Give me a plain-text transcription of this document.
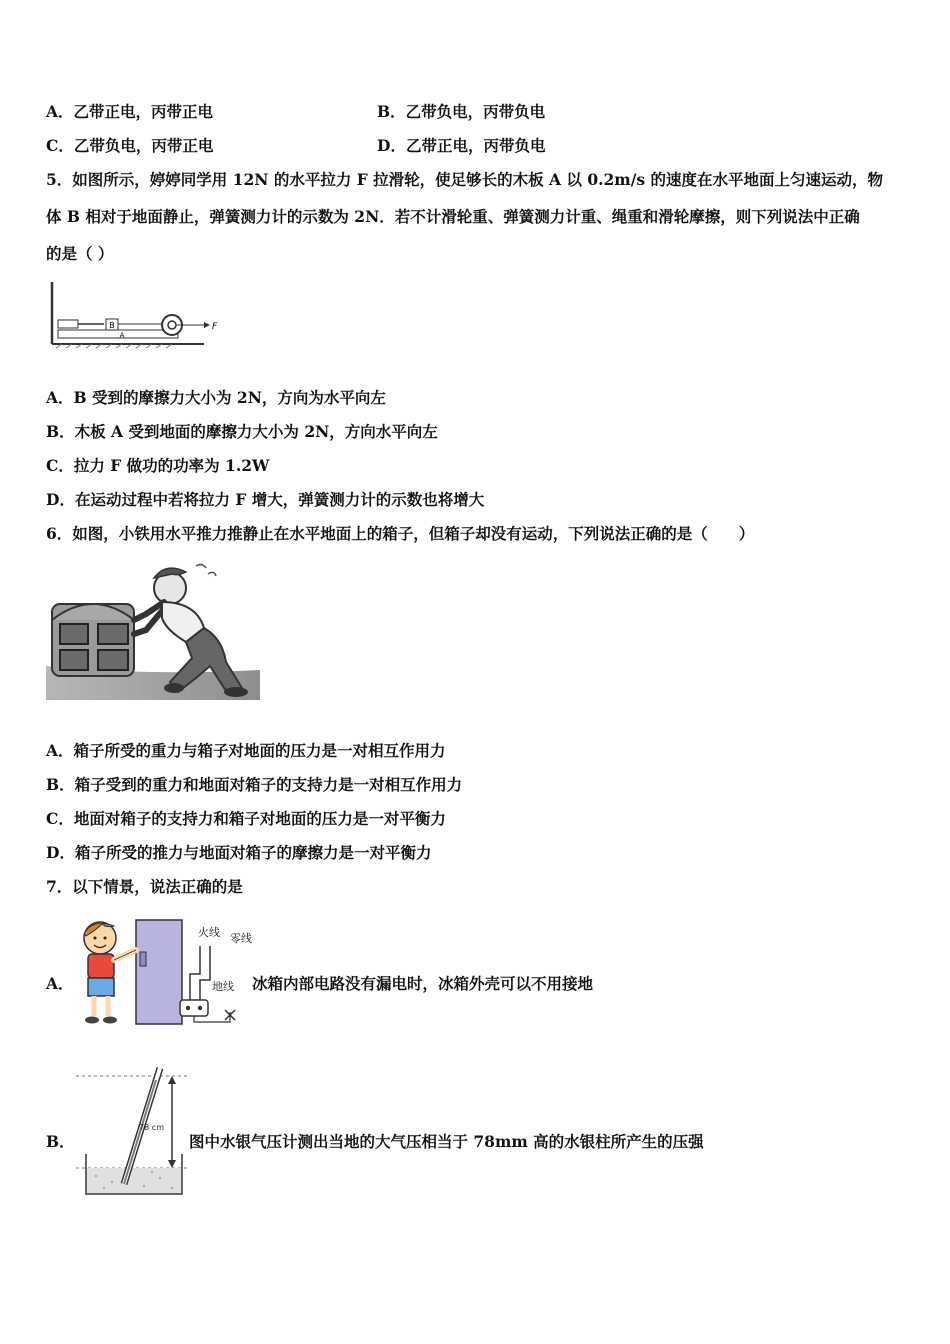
A．乙带正电，丙带正电	B．乙带负电，丙带负电
C．乙带负电，丙带正电	D．乙带正电，丙带负电
5．如图所示，婷婷同学用 12N 的水平拉力 F 拉滑轮，使足够长的木板 A 以 0.2m/s 的速度在水平地面上匀速运动，物
体 B 相对于地面静止，弹簧测力计的示数为 2N．若不计滑轮重、弹簧测力计重、绳重和滑轮摩擦，则下列说法中正确
的是（ ）
B
A
F
A．B 受到的摩擦力大小为 2N，方向为水平向左
B．木板 A 受到地面的摩擦力大小为 2N，方向水平向左
C．拉力 F 做功的功率为 1.2W
D．在运动过程中若将拉力 F 增大，弹簧测力计的示数也将增大
6．如图，小铁用水平推力推静止在水平地面上的箱子，但箱子却没有运动，下列说法正确的是（　　）
A．箱子所受的重力与箱子对地面的压力是一对相互作用力
B．箱子受到的重力和地面对箱子的支持力是一对相互作用力
C．地面对箱子的支持力和箱子对地面的压力是一对平衡力
D．箱子所受的推力与地面对箱子的摩擦力是一对平衡力
7．以下情景，说法正确的是
A．
火线 零线
地线 冰箱内部电路没有漏电时，冰箱外壳可以不用接地
B．
78 cm
图中水银气压计测出当地的大气压相当于 78mm 高的水银柱所产生的压强
